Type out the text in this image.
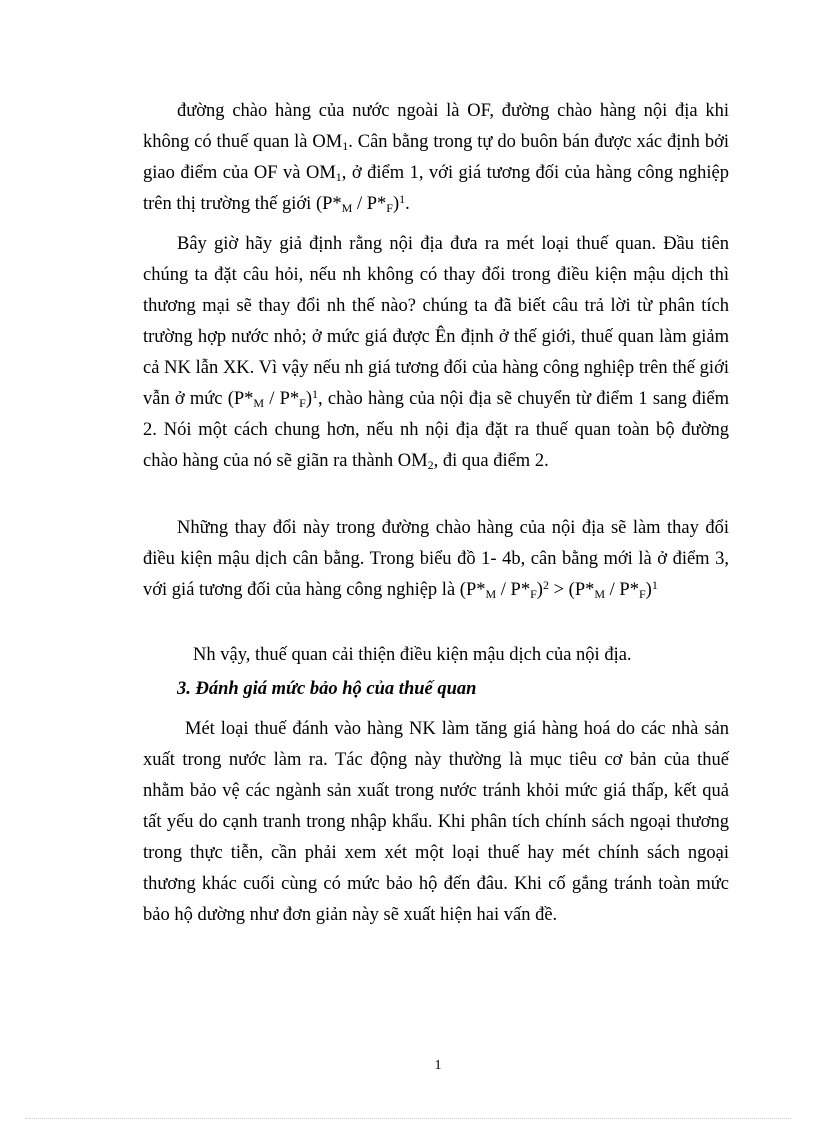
đường chào hàng của nước ngoài là OF, đường chào hàng nội địa khi không có thuế quan là $OM_1$. Cân bằng trong tự do buôn bán được xác định bởi giao điểm của OF và $OM_1$, ở điểm 1, với giá tương đối của hàng công nghiệp trên thị trường thế giới $(P*_M / P*_F)^1$.

Bây giờ hãy giả định rằng nội địa đưa ra mét loại thuế quan. Đầu tiên chúng ta đặt câu hỏi, nếu nh không có thay đổi trong điều kiện mậu dịch thì thương mại sẽ thay đổi nh thế nào? chúng ta đã biết câu trả lời từ phân tích trường hợp nước nhỏ; ở mức giá được Ên định ở thế giới, thuế quan làm giảm cả NK lẫn XK. Vì vậy nếu nh giá tương đối của hàng công nghiệp trên thế giới vẫn ở mức $(P*_M / P*_F)^1$, chào hàng của nội địa sẽ chuyển từ điểm 1 sang điểm 2. Nói một cách chung hơn, nếu nh nội địa đặt ra thuế quan toàn bộ đường chào hàng của nó sẽ giãn ra thành $OM_2$, đi qua điểm 2.

Những thay đổi này trong đường chào hàng của nội địa sẽ làm thay đổi điều kiện mậu dịch cân bằng. Trong biểu đồ 1- 4b, cân bằng mới là ở điểm 3, với giá tương đối của hàng công nghiệp là $(P*_M / P*_F)^2 > (P*_M / P*_F)^1$

Nh vậy, thuế quan cải thiện điều kiện mậu dịch của nội địa.

3. Đánh giá mức bảo hộ của thuế quan

Mét loại thuế đánh vào hàng NK làm tăng giá hàng hoá do các nhà sản xuất trong nước làm ra. Tác động này thường là mục tiêu cơ bản của thuế nhằm bảo vệ các ngành sản xuất trong nước tránh khỏi mức giá thấp, kết quả tất yếu do cạnh tranh trong nhập khẩu. Khi phân tích chính sách ngoại thương trong thực tiễn, cần phải xem xét một loại thuế hay mét chính sách ngoại thương khác cuối cùng có mức bảo hộ đến đâu. Khi cố gắng tránh toàn mức bảo hộ dường như đơn giản này sẽ xuất hiện hai vấn đề.

1
